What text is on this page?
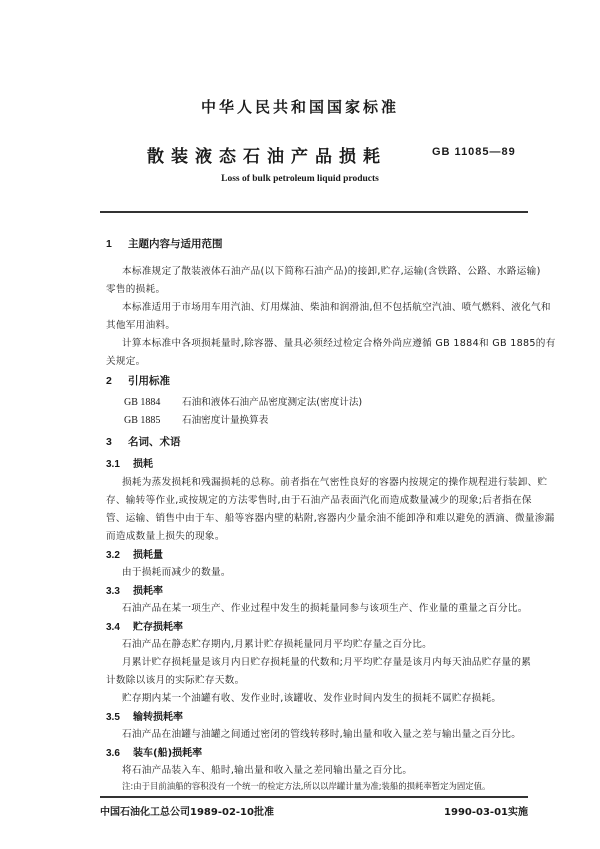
中华人民共和国国家标准
散装液态石油产品损耗	GB 11085—89
Loss of bulk petroleum liquid products
1 主题内容与适用范围
本标准规定了散装液体石油产品(以下简称石油产品)的接卸,贮存,运输(含铁路、公路、水路运输)
零售的损耗。
本标准适用于市场用车用汽油、灯用煤油、柴油和润滑油,但不包括航空汽油、喷气燃料、液化气和
其他军用油料。
计算本标准中各项损耗量时,除容器、量具必须经过检定合格外尚应遵循 GB 1884和 GB 1885的有
关规定。
2 引用标准
GB 1884 石油和液体石油产品密度测定法(密度计法)
GB 1885 石油密度计量换算表
3 名词、术语
3.1 损耗
损耗为蒸发损耗和残漏损耗的总称。前者指在气密性良好的容器内按规定的操作规程进行装卸、贮
存、输转等作业,或按规定的方法零售时,由于石油产品表面汽化而造成数量减少的现象;后者指在保
管、运输、销售中由于车、船等容器内壁的粘附,容器内少量余油不能卸净和难以避免的洒滴、微量渗漏
而造成数量上损失的现象。
3.2 损耗量
由于损耗而减少的数量。
3.3 损耗率
石油产品在某一项生产、作业过程中发生的损耗量同参与该项生产、作业量的重量之百分比。
3.4 贮存损耗率
石油产品在静态贮存期内,月累计贮存损耗量同月平均贮存量之百分比。
月累计贮存损耗量是该月内日贮存损耗量的代数和;月平均贮存量是该月内每天油品贮存量的累
计数除以该月的实际贮存天数。
贮存期内某一个油罐有收、发作业时,该罐收、发作业时间内发生的损耗不属贮存损耗。
3.5 输转损耗率
石油产品在油罐与油罐之间通过密闭的管线转移时,输出量和收入量之差与输出量之百分比。
3.6 装车(船)损耗率
将石油产品装入车、船时,输出量和收入量之差同输出量之百分比。
注:由于目前油船的容积没有一个统一的检定方法,所以以岸罐计量为准;装船的损耗率暂定为固定值。
中国石油化工总公司1989-02-10批准	1990-03-01实施
